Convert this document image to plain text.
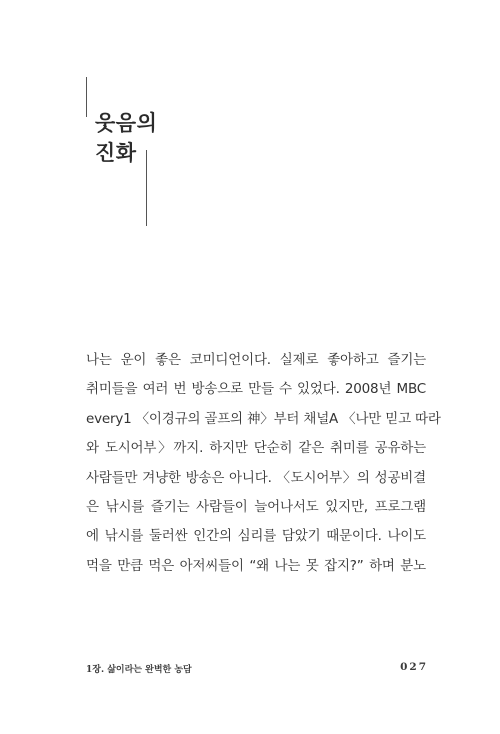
웃음의
진화
나는 운이 좋은 코미디언이다. 실제로 좋아하고 즐기는
취미들을 여러 번 방송으로 만들 수 있었다. 2008년 MBC
every1 〈이경규의 골프의 神〉부터 채널A 〈나만 믿고 따라
와 도시어부〉까지. 하지만 단순히 같은 취미를 공유하는
사람들만 겨냥한 방송은 아니다. 〈도시어부〉의 성공비결
은 낚시를 즐기는 사람들이 늘어나서도 있지만, 프로그램
에 낚시를 둘러싼 인간의 심리를 담았기 때문이다. 나이도
먹을 만큼 먹은 아저씨들이 “왜 나는 못 잡지?” 하며 분노
1장. 삶이라는 완벽한 농담	027
